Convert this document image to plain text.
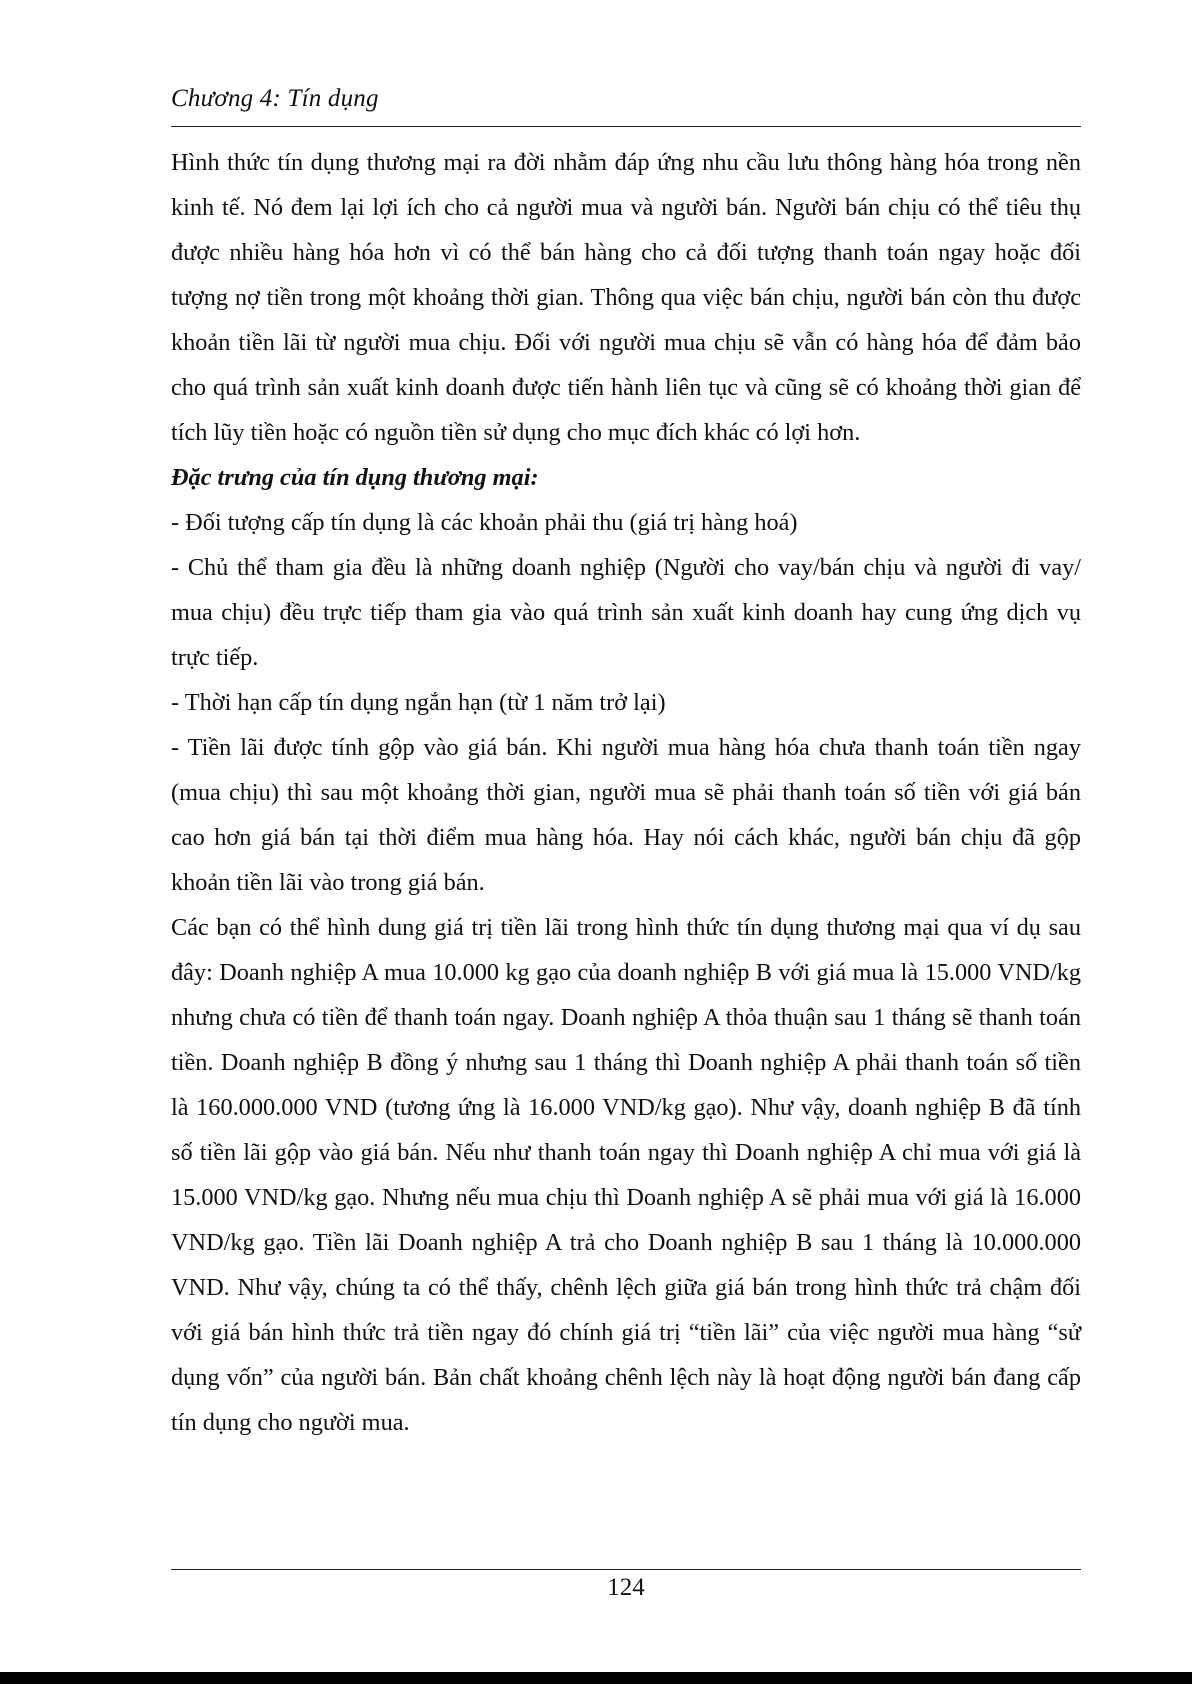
Chương 4: Tín dụng

Hình thức tín dụng thương mại ra đời nhằm đáp ứng nhu cầu lưu thông hàng hóa trong nền kinh tế. Nó đem lại lợi ích cho cả người mua và người bán. Người bán chịu có thể tiêu thụ được nhiều hàng hóa hơn vì có thể bán hàng cho cả đối tượng thanh toán ngay hoặc đối tượng nợ tiền trong một khoảng thời gian. Thông qua việc bán chịu, người bán còn thu được khoản tiền lãi từ người mua chịu. Đối với người mua chịu sẽ vẫn có hàng hóa để đảm bảo cho quá trình sản xuất kinh doanh được tiến hành liên tục và cũng sẽ có khoảng thời gian để tích lũy tiền hoặc có nguồn tiền sử dụng cho mục đích khác có lợi hơn.

Đặc trưng của tín dụng thương mại:

- Đối tượng cấp tín dụng là các khoản phải thu (giá trị hàng hoá)

- Chủ thể tham gia đều là những doanh nghiệp (Người cho vay/bán chịu và người đi vay/ mua chịu) đều trực tiếp tham gia vào quá trình sản xuất kinh doanh hay cung ứng dịch vụ trực tiếp.

- Thời hạn cấp tín dụng ngắn hạn (từ 1 năm trở lại)

- Tiền lãi được tính gộp vào giá bán. Khi người mua hàng hóa chưa thanh toán tiền ngay (mua chịu) thì sau một khoảng thời gian, người mua sẽ phải thanh toán số tiền với giá bán cao hơn giá bán tại thời điểm mua hàng hóa. Hay nói cách khác, người bán chịu đã gộp khoản tiền lãi vào trong giá bán.

Các bạn có thể hình dung giá trị tiền lãi trong hình thức tín dụng thương mại qua ví dụ sau đây: Doanh nghiệp A mua 10.000 kg gạo của doanh nghiệp B với giá mua là 15.000 VND/kg nhưng chưa có tiền để thanh toán ngay. Doanh nghiệp A thỏa thuận sau 1 tháng sẽ thanh toán tiền. Doanh nghiệp B đồng ý nhưng sau 1 tháng thì Doanh nghiệp A phải thanh toán số tiền là 160.000.000 VND (tương ứng là 16.000 VND/kg gạo). Như vậy, doanh nghiệp B đã tính số tiền lãi gộp vào giá bán. Nếu như thanh toán ngay thì Doanh nghiệp A chỉ mua với giá là 15.000 VND/kg gạo. Nhưng nếu mua chịu thì Doanh nghiệp A sẽ phải mua với giá là 16.000 VND/kg gạo. Tiền lãi Doanh nghiệp A trả cho Doanh nghiệp B sau 1 tháng là 10.000.000 VND. Như vậy, chúng ta có thể thấy, chênh lệch giữa giá bán trong hình thức trả chậm đối với giá bán hình thức trả tiền ngay đó chính giá trị “tiền lãi” của việc người mua hàng “sử dụng vốn” của người bán. Bản chất khoảng chênh lệch này là hoạt động người bán đang cấp tín dụng cho người mua.

124
